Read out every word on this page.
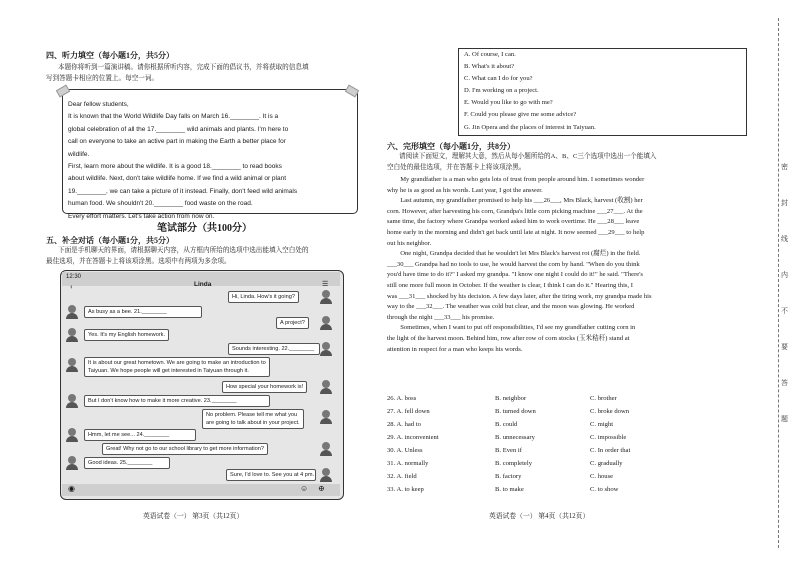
四、听力填空（每小题1分，共5分）
本题你将听到一篇演讲稿。请你根据所听内容，完成下面的倡议书，并将获取的信息填
写到答题卡相应的位置上。每空一词。
Dear fellow students,
It is known that the World Wildlife Day falls on March 16.________. It is a
global celebration of all the 17.________ wild animals and plants. I'm here to
call on everyone to take an active part in making the Earth a better place for
wildlife.
First, learn more about the wildlife. It is a good 18.________ to read books
about wildlife. Next, don't take wildlife home. If we find a wild animal or plant
19.________, we can take a picture of it instead. Finally, don't feed wild animals
human food. We shouldn't 20.________ food waste on the road.
Every effort matters. Let's take action from now on.
笔试部分（共100分）
五、补全对话（每小题1分，共5分）
下面是手机聊天的界面，请根据聊天内容，从方框内所给的选项中选出能填入空白处的
最佳选项，并在答题卡上将该项涂黑。选项中有两项为多余项。
12:30
Linda
‹	☰
Hi, Linda. How's it going?
As busy as a bee. 21.________
A project?
Yes. It's my English homework.
Sounds interesting. 22.________
It is about our great hometown. We are going to make an introduction to
Taiyuan. We hope people will get interested in Taiyuan through it.
How special your homework is!
But I don't know how to make it more creative. 23.________
No problem. Please tell me what you
are going to talk about in your project.
Hmm, let me see... 24.________
Great! Why not go to our school library to get more information?
Good ideas. 25.________
Sure, I'd love to. See you at 4 pm.
◉	☺ ⊕
英语试卷（一） 第3页（共12页）
A. Of course, I can.
B. What's it about?
C. What can I do for you?
D. I'm working on a project.
E. Would you like to go with me?
F. Could you please give me some advice?
G. Jin Opera and the places of interest in Taiyuan.
六、完形填空（每小题1分，共8分）
请阅读下面短文，理解其大意，然后从每小题所给的A、B、C三个选项中选出一个能填入
空白处的最佳选项，并在答题卡上将该项涂黑。
My grandfather is a man who gets lots of trust from people around him. I sometimes wonder
why he is as good as his words. Last year, I got the answer.
Last autumn, my grandfather promised to help his ___26___, Mrs Black, harvest (收割) her
corn. However, after harvesting his corn, Grandpa's little corn picking machine ___27___. At the
same time, the factory where Grandpa worked asked him to work overtime. He ___28___ leave
home early in the morning and didn't get back until late at night. It now seemed ___29___ to help
out his neighbor.
One night, Grandpa decided that he wouldn't let Mrs Black's harvest rot (腐烂) in the field.
___30___ Grandpa had no tools to use, he would harvest the corn by hand. "When do you think
you'd have time to do it?" I asked my grandpa. "I know one night I could do it!" he said. "There's
still one more full moon in October. If the weather is clear, I think I can do it." Hearing this, I
was ___31___ shocked by his decision. A few days later, after the tiring work, my grandpa made his
way to the ___32___. The weather was cold but clear, and the moon was glowing. He worked
through the night ___33___ his promise.
Sometimes, when I want to put off responsibilities, I'd see my grandfather cutting corn in
the light of the harvest moon. Behind him, row after row of corn stocks (玉米秸秆) stand at
attention in respect for a man who keeps his words.
26. A. boss	B. neighbor	C. brother
27. A. fell down	B. turned down	C. broke down
28. A. had to	B. could	C. might
29. A. inconvenient	B. unnecessary	C. impossible
30. A. Unless	B. Even if	C. In order that
31. A. normally	B. completely	C. gradually
32. A. field	B. factory	C. house
33. A. to keep	B. to make	C. to show
英语试卷（一） 第4页（共12页）
密
封
线
内
不
要
答
题
